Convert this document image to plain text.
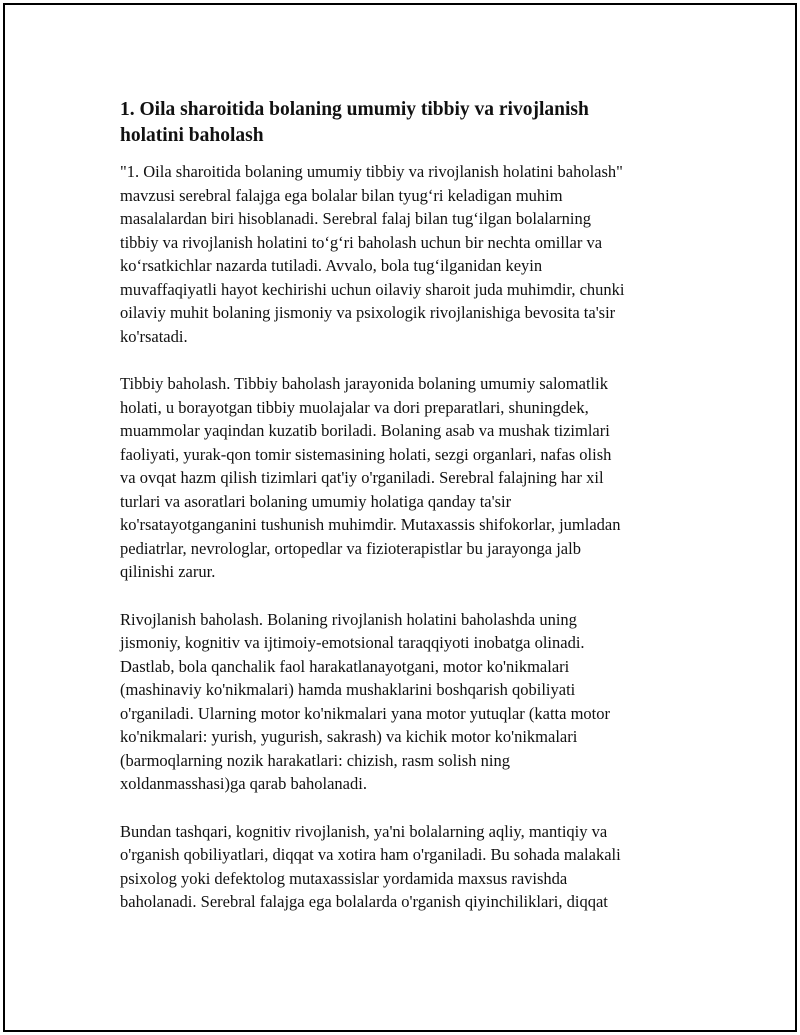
1. Oila sharoitida bolaning umumiy tibbiy va rivojlanish
holatini baholash

"1. Oila sharoitida bolaning umumiy tibbiy va rivojlanish holatini baholash"
mavzusi serebral falajga ega bolalar bilan tyug‘ri keladigan muhim
masalalardan biri hisoblanadi. Serebral falaj bilan tug‘ilgan bolalarning
tibbiy va rivojlanish holatini to‘g‘ri baholash uchun bir nechta omillar va
ko‘rsatkichlar nazarda tutiladi. Avvalo, bola tug‘ilganidan keyin
muvaffaqiyatli hayot kechirishi uchun oilaviy sharoit juda muhimdir, chunki
oilaviy muhit bolaning jismoniy va psixologik rivojlanishiga bevosita ta'sir
ko'rsatadi.

Tibbiy baholash. Tibbiy baholash jarayonida bolaning umumiy salomatlik
holati, u borayotgan tibbiy muolajalar va dori preparatlari, shuningdek,
muammolar yaqindan kuzatib boriladi. Bolaning asab va mushak tizimlari
faoliyati, yurak-qon tomir sistemasining holati, sezgi organlari, nafas olish
va ovqat hazm qilish tizimlari qat'iy o'rganiladi. Serebral falajning har xil
turlari va asoratlari bolaning umumiy holatiga qanday ta'sir
ko'rsatayotganganini tushunish muhimdir. Mutaxassis shifokorlar, jumladan
pediatrlar, nevrologlar, ortopedlar va fizioterapistlar bu jarayonga jalb
qilinishi zarur.

Rivojlanish baholash. Bolaning rivojlanish holatini baholashda uning
jismoniy, kognitiv va ijtimoiy-emotsional taraqqiyoti inobatga olinadi.
Dastlab, bola qanchalik faol harakatlanayotgani, motor ko'nikmalari
(mashinaviy ko'nikmalari) hamda mushaklarini boshqarish qobiliyati
o'rganiladi. Ularning motor ko'nikmalari yana motor yutuqlar (katta motor
ko'nikmalari: yurish, yugurish, sakrash) va kichik motor ko'nikmalari
(barmoqlarning nozik harakatlari: chizish, rasm solish ning
xoldanmasshasi)ga qarab baholanadi.

Bundan tashqari, kognitiv rivojlanish, ya'ni bolalarning aqliy, mantiqiy va
o'rganish qobiliyatlari, diqqat va xotira ham o'rganiladi. Bu sohada malakali
psixolog yoki defektolog mutaxassislar yordamida maxsus ravishda
baholanadi. Serebral falajga ega bolalarda o'rganish qiyinchiliklari, diqqat
